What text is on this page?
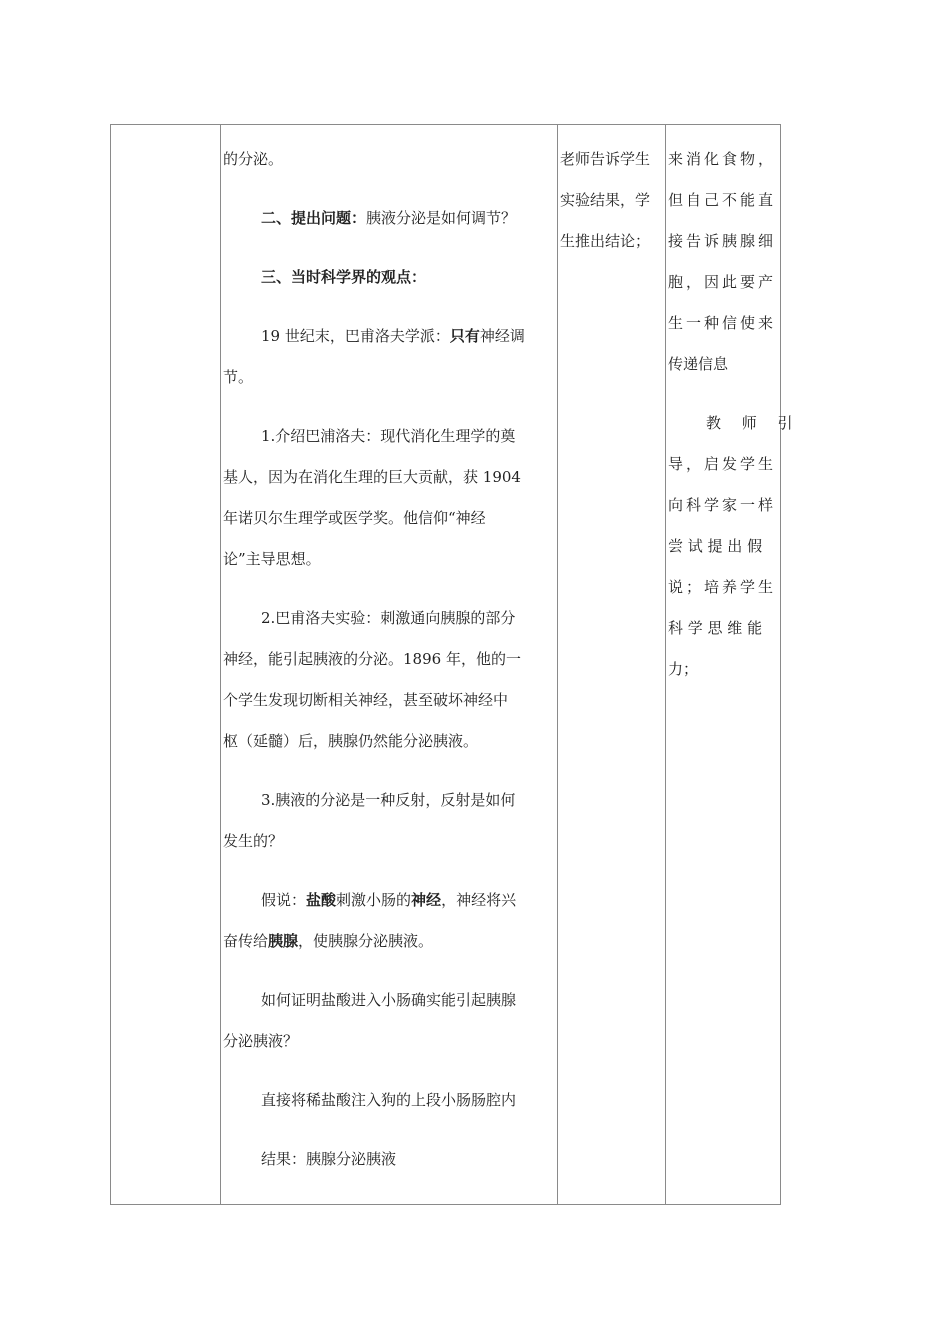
的分泌。
二、提出问题：胰液分泌是如何调节？
三、当时科学界的观点：
19 世纪末，巴甫洛夫学派：只有神经调
节。
1.介绍巴浦洛夫：现代消化生理学的奠
基人，因为在消化生理的巨大贡献，获 1904
年诺贝尔生理学或医学奖。他信仰“神经
论”主导思想。
2.巴甫洛夫实验：刺激通向胰腺的部分
神经，能引起胰液的分泌。1896 年，他的一
个学生发现切断相关神经，甚至破坏神经中
枢（延髓）后，胰腺仍然能分泌胰液。
3.胰液的分泌是一种反射，反射是如何
发生的？
假说：盐酸刺激小肠的神经，神经将兴
奋传给胰腺，使胰腺分泌胰液。
如何证明盐酸进入小肠确实能引起胰腺
分泌胰液？
直接将稀盐酸注入狗的上段小肠肠腔内
结果：胰腺分泌胰液
老师告诉学生
实验结果，学
生推出结论；
来消化食物，
但自己不能直
接告诉胰腺细
胞，因此要产
生一种信使来
传递信息
教 师 引
导，启发学生
向科学家一样
尝 试 提 出 假
说；培养学生
科 学 思 维 能
力；
